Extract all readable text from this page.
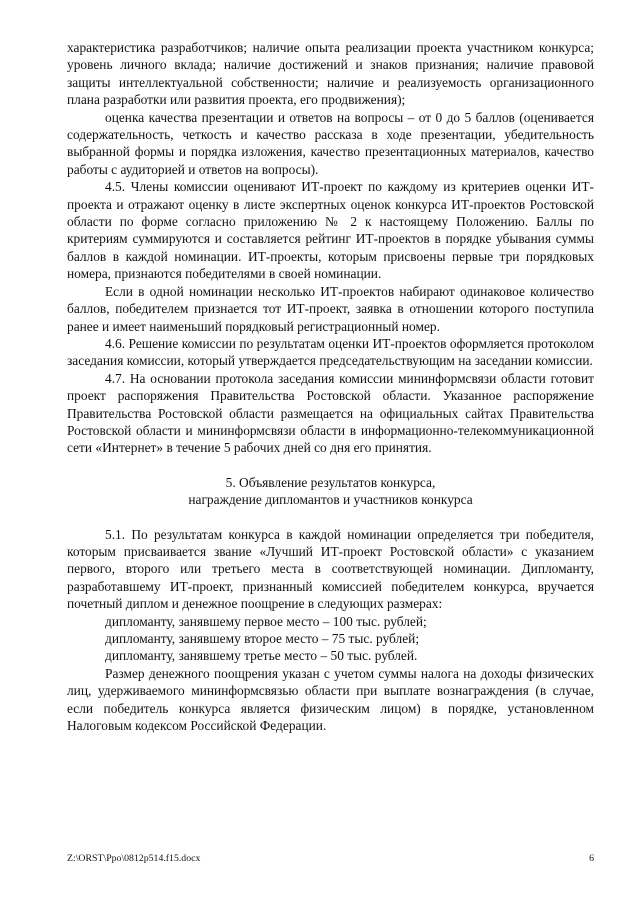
характеристика разработчиков; наличие опыта реализации проекта участником конкурса; уровень личного вклада; наличие достижений и знаков признания; наличие правовой защиты интеллектуальной собственности; наличие и реализуемость организационного плана разработки или развития проекта, его продвижения);

оценка качества презентации и ответов на вопросы – от 0 до 5 баллов (оценивается содержательность, четкость и качество рассказа в ходе презентации, убедительность выбранной формы и порядка изложения, качество презентационных материалов, качество работы с аудиторией и ответов на вопросы).

4.5. Члены комиссии оценивают ИТ-проект по каждому из критериев оценки ИТ-проекта и отражают оценку в листе экспертных оценок конкурса ИТ-проектов Ростовской области по форме согласно приложению № 2 к настоящему Положению. Баллы по критериям суммируются и составляется рейтинг ИТ-проектов в порядке убывания суммы баллов в каждой номинации. ИТ-проекты, которым присвоены первые три порядковых номера, признаются победителями в своей номинации.

Если в одной номинации несколько ИТ-проектов набирают одинаковое количество баллов, победителем признается тот ИТ-проект, заявка в отношении которого поступила ранее и имеет наименьший порядковый регистрационный номер.

4.6. Решение комиссии по результатам оценки ИТ-проектов оформляется протоколом заседания комиссии, который утверждается председательствующим на заседании комиссии.

4.7. На основании протокола заседания комиссии мининформсвязи области готовит проект распоряжения Правительства Ростовской области. Указанное распоряжение Правительства Ростовской области размещается на официальных сайтах Правительства Ростовской области и мининформсвязи области в информационно-телекоммуникационной сети «Интернет» в течение 5 рабочих дней со дня его принятия.

5. Объявление результатов конкурса,

награждение дипломантов и участников конкурса

5.1. По результатам конкурса в каждой номинации определяется три победителя, которым присваивается звание «Лучший ИТ-проект Ростовской области» с указанием первого, второго или третьего места в соответствующей номинации. Дипломанту, разработавшему ИТ-проект, признанный комиссией победителем конкурса, вручается почетный диплом и денежное поощрение в следующих размерах:

дипломанту, занявшему первое место – 100 тыс. рублей;

дипломанту, занявшему второе место – 75 тыс. рублей;

дипломанту, занявшему третье место – 50 тыс. рублей.

Размер денежного поощрения указан с учетом суммы налога на доходы физических лиц, удерживаемого мининформсвязью области при выплате вознаграждения (в случае, если победитель конкурса является физическим лицом) в порядке, установленном Налоговым кодексом Российской Федерации.

Z:\ORST\Ppo\0812p514.f15.docx	6
